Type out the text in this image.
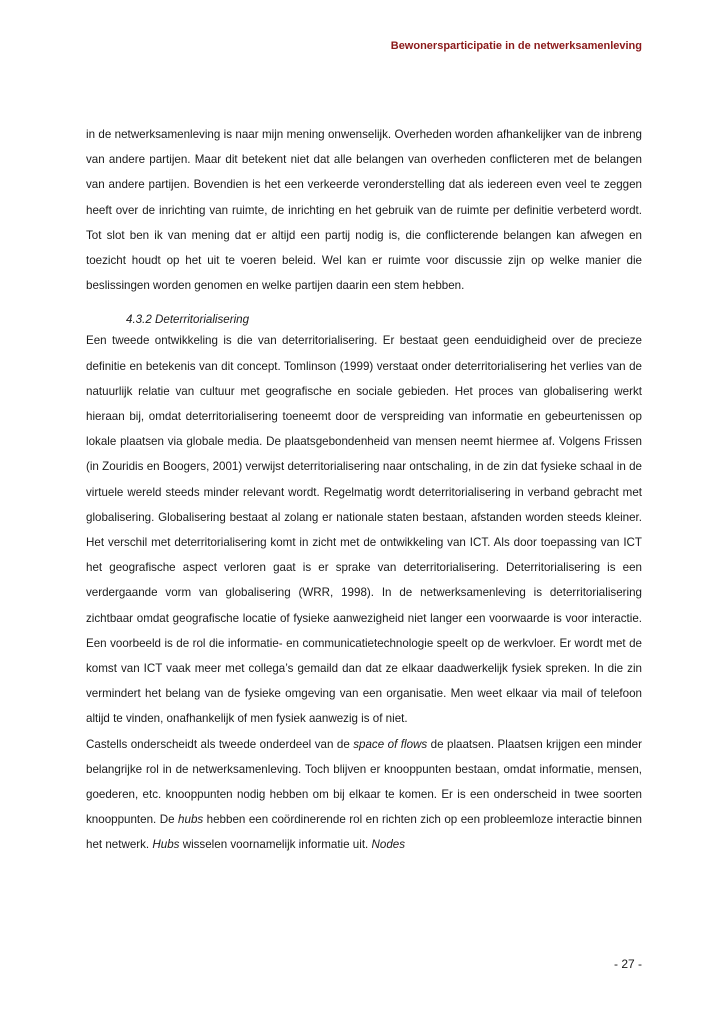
Bewonersparticipatie in de netwerksamenleving

in de netwerksamenleving is naar mijn mening onwenselijk. Overheden worden afhankelijker van de inbreng van andere partijen. Maar dit betekent niet dat alle belangen van overheden conflicteren met de belangen van andere partijen. Bovendien is het een verkeerde veronderstelling dat als iedereen even veel te zeggen heeft over de inrichting van ruimte, de inrichting en het gebruik van de ruimte per definitie verbeterd wordt. Tot slot ben ik van mening dat er altijd een partij nodig is, die conflicterende belangen kan afwegen en toezicht houdt op het uit te voeren beleid. Wel kan er ruimte voor discussie zijn op welke manier die beslissingen worden genomen en welke partijen daarin een stem hebben.

4.3.2 Deterritorialisering

Een tweede ontwikkeling is die van deterritorialisering. Er bestaat geen eenduidigheid over de precieze definitie en betekenis van dit concept. Tomlinson (1999) verstaat onder deterritorialisering het verlies van de natuurlijk relatie van cultuur met geografische en sociale gebieden. Het proces van globalisering werkt hieraan bij, omdat deterritorialisering toeneemt door de verspreiding van informatie en gebeurtenissen op lokale plaatsen via globale media. De plaatsgebondenheid van mensen neemt hiermee af. Volgens Frissen (in Zouridis en Boogers, 2001) verwijst deterritorialisering naar ontschaling, in de zin dat fysieke schaal in de virtuele wereld steeds minder relevant wordt. Regelmatig wordt deterritorialisering in verband gebracht met globalisering. Globalisering bestaat al zolang er nationale staten bestaan, afstanden worden steeds kleiner. Het verschil met deterritorialisering komt in zicht met de ontwikkeling van ICT. Als door toepassing van ICT het geografische aspect verloren gaat is er sprake van deterritorialisering. Deterritorialisering is een verdergaande vorm van globalisering (WRR, 1998). In de netwerksamenleving is deterritorialisering zichtbaar omdat geografische locatie of fysieke aanwezigheid niet langer een voorwaarde is voor interactie. Een voorbeeld is de rol die informatie- en communicatietechnologie speelt op de werkvloer. Er wordt met de komst van ICT vaak meer met collega’s gemaild dan dat ze elkaar daadwerkelijk fysiek spreken. In die zin vermindert het belang van de fysieke omgeving van een organisatie. Men weet elkaar via mail of telefoon altijd te vinden, onafhankelijk of men fysiek aanwezig is of niet.

Castells onderscheidt als tweede onderdeel van de space of flows de plaatsen. Plaatsen krijgen een minder belangrijke rol in de netwerksamenleving. Toch blijven er knooppunten bestaan, omdat informatie, mensen, goederen, etc. knooppunten nodig hebben om bij elkaar te komen. Er is een onderscheid in twee soorten knooppunten. De hubs hebben een coördinerende rol en richten zich op een probleemloze interactie binnen het netwerk. Hubs wisselen voornamelijk informatie uit. Nodes

- 27 -
